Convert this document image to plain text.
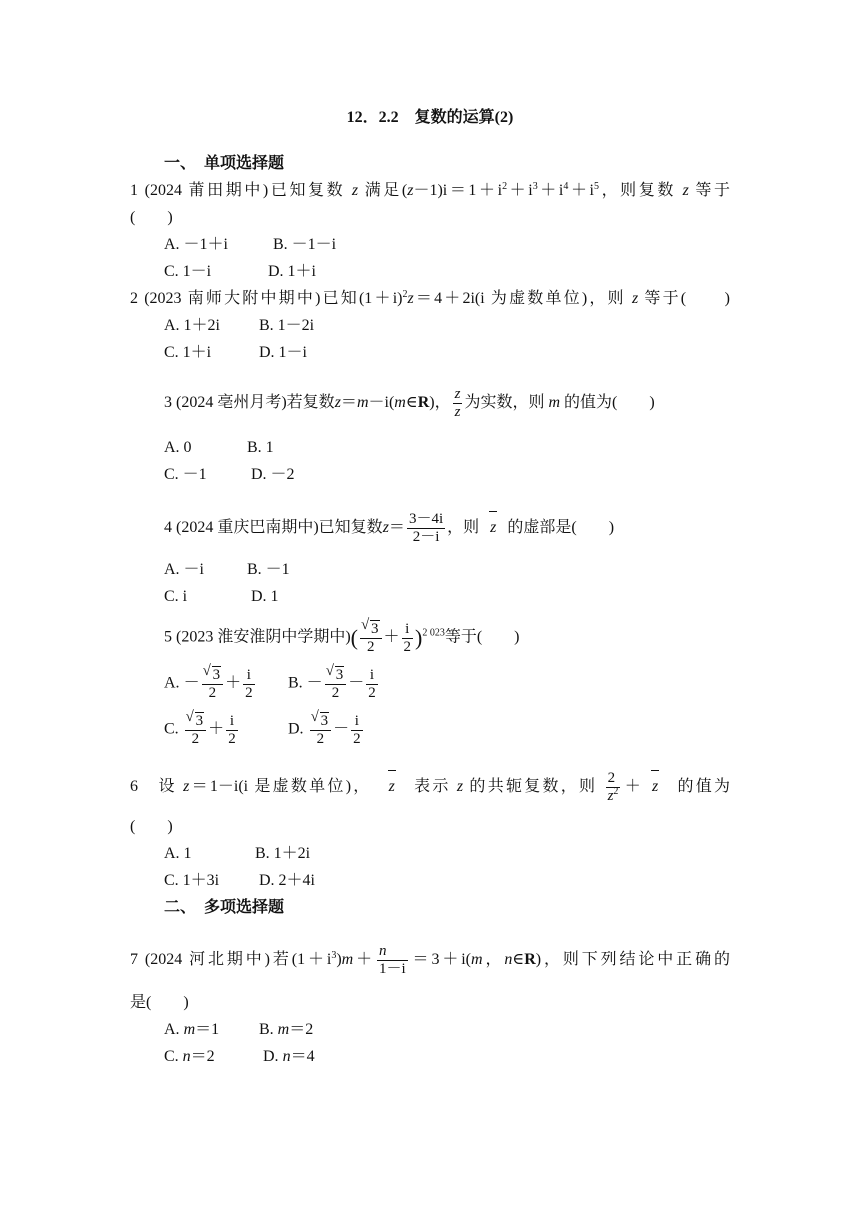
12．2.2　复数的运算(2)
一、　单项选择题
1 (2024 莆田期中)已知复数 z 满足$(z-1)i=1+i^2+i^3+i^4+i^5$，则复数 z 等于
(　　)
A. －1＋i	B. －1－i
C. 1－i	D. 1＋i
2 (2023 南师大附中期中)已知$(1+i)^2z=4+2i(i$ 为虚数单位)，则 z 等于(　　)
A. 1＋2i B. 1－2i
C. 1＋i	D. 1－i
3 (2024 亳州月考)若复数z＝m－i(m∈R)， $\frac{z}{z}$ 为实数，则 m 的值为(　　)
A. 0	B. 1
C. －1	D. －2
4 (2024 重庆巴南期中)已知复数$z= \frac{3-4i}{2-i}$ ，则 z 的虚部是(　　)
A. －i	B. －1
C. i	D. 1
5 (2023 淮安淮阴中学期中)( $\frac{√ 3}{2} + \frac{i}{2} )^{2 023}$等于(　　)
A. － $\frac{√ 3}{2} + \frac{i}{2} B$. － $\frac{√ 3}{2} - \frac{i}{2}$
C. $\frac{√ 3}{2} + \frac{i}{2}$	D. $\frac{√ 3}{2} - \frac{i}{2}$
6　 设 z＝1－i(i 是虚数单位)， z 表示 z 的共轭复数，则 $\frac{2}{z^2} + z$ 的值为
(　　)
A. 1	B. 1＋2i
C. 1＋3i D. 2＋4i
二、　多项选择题
7 (2024 河北期中)若$(1+i^3)m+ \frac{n}{1-i} =3+i(m$，n∈R)，则下列结论中正确的
是(　　)
A. m＝1 B. m＝2
C. n＝2	D. n＝4
